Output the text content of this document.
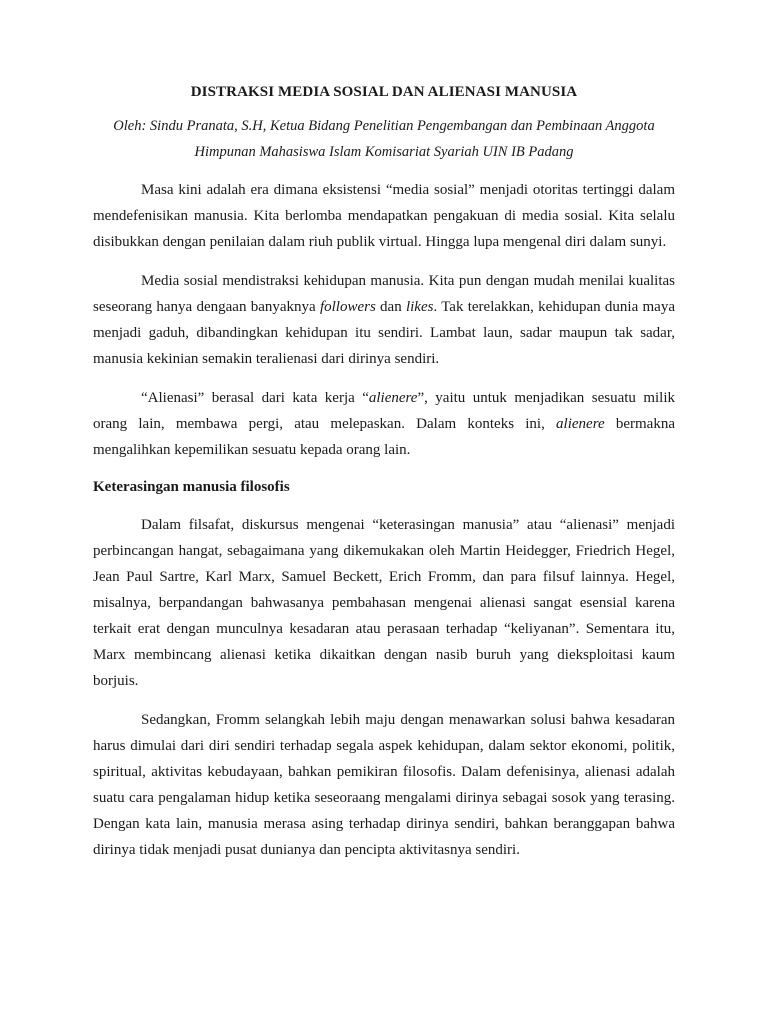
DISTRAKSI MEDIA SOSIAL DAN ALIENASI MANUSIA
Oleh: Sindu Pranata, S.H, Ketua Bidang Penelitian Pengembangan dan Pembinaan Anggota
Himpunan Mahasiswa Islam Komisariat Syariah UIN IB Padang

Masa kini adalah era dimana eksistensi “media sosial” menjadi otoritas tertinggi dalam mendefenisikan manusia. Kita berlomba mendapatkan pengakuan di media sosial. Kita selalu disibukkan dengan penilaian dalam riuh publik virtual. Hingga lupa mengenal diri dalam sunyi.

Media sosial mendistraksi kehidupan manusia. Kita pun dengan mudah menilai kualitas seseorang hanya dengaan banyaknya followers dan likes. Tak terelakkan, kehidupan dunia maya menjadi gaduh, dibandingkan kehidupan itu sendiri. Lambat laun, sadar maupun tak sadar, manusia kekinian semakin teralienasi dari dirinya sendiri.

“Alienasi” berasal dari kata kerja “alienere”, yaitu untuk menjadikan sesuatu milik orang lain, membawa pergi, atau melepaskan. Dalam konteks ini, alienere bermakna mengalihkan kepemilikan sesuatu kepada orang lain.

Keterasingan manusia filosofis

Dalam filsafat, diskursus mengenai “keterasingan manusia” atau “alienasi” menjadi perbincangan hangat, sebagaimana yang dikemukakan oleh Martin Heidegger, Friedrich Hegel, Jean Paul Sartre, Karl Marx, Samuel Beckett, Erich Fromm, dan para filsuf lainnya. Hegel, misalnya, berpandangan bahwasanya pembahasan mengenai alienasi sangat esensial karena terkait erat dengan munculnya kesadaran atau perasaan terhadap “keliyanan”. Sementara itu, Marx membincang alienasi ketika dikaitkan dengan nasib buruh yang dieksploitasi kaum borjuis.

Sedangkan, Fromm selangkah lebih maju dengan menawarkan solusi bahwa kesadaran harus dimulai dari diri sendiri terhadap segala aspek kehidupan, dalam sektor ekonomi, politik, spiritual, aktivitas kebudayaan, bahkan pemikiran filosofis. Dalam defenisinya, alienasi adalah suatu cara pengalaman hidup ketika seseoraang mengalami dirinya sebagai sosok yang terasing. Dengan kata lain, manusia merasa asing terhadap dirinya sendiri, bahkan beranggapan bahwa dirinya tidak menjadi pusat dunianya dan pencipta aktivitasnya sendiri.
